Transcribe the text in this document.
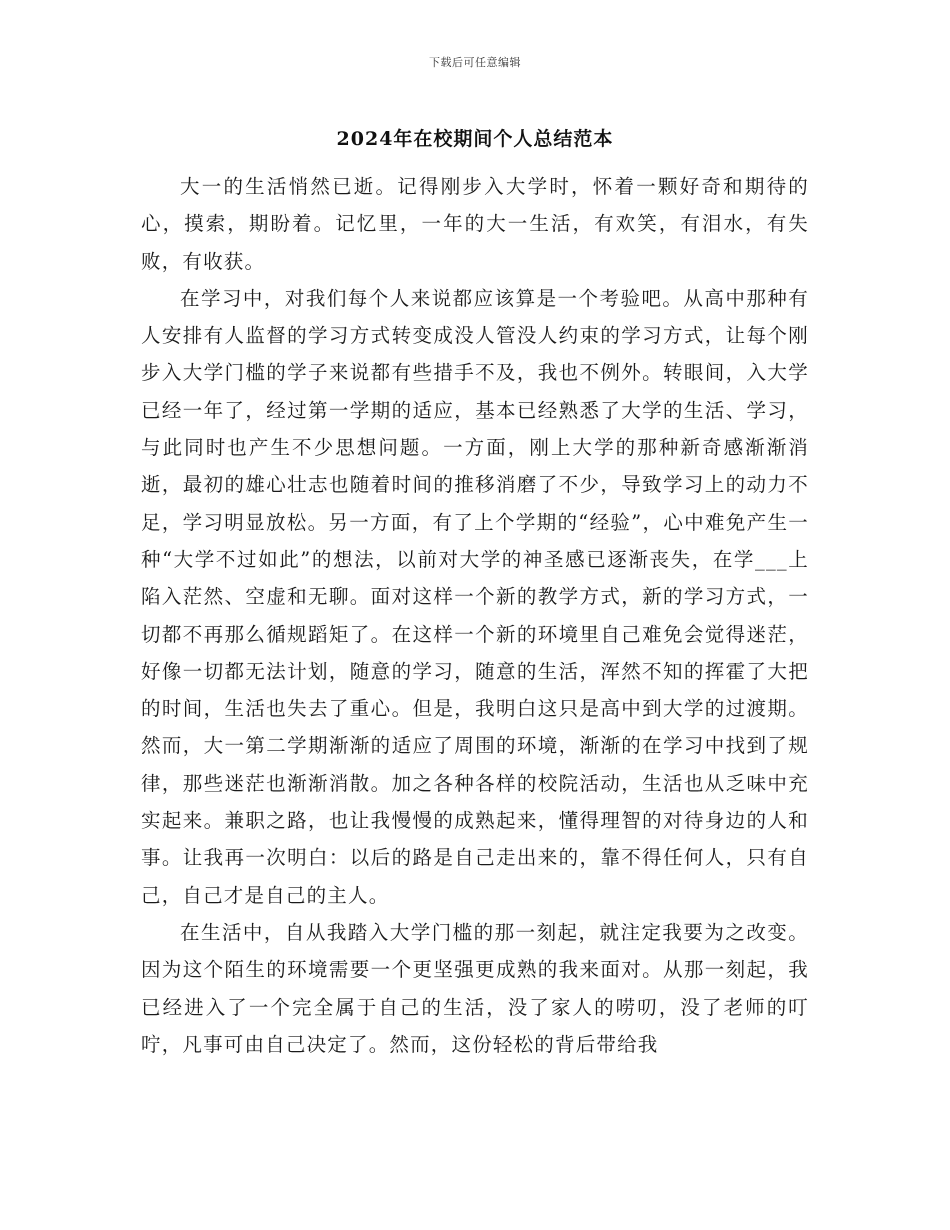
下载后可任意编辑
2024年在校期间个人总结范本

大一的生活悄然已逝。记得刚步入大学时，怀着一颗好奇和期待的心，摸索，期盼着。记忆里，一年的大一生活，有欢笑，有泪水，有失败，有收获。

在学习中，对我们每个人来说都应该算是一个考验吧。从高中那种有人安排有人监督的学习方式转变成没人管没人约束的学习方式，让每个刚步入大学门槛的学子来说都有些措手不及，我也不例外。转眼间，入大学已经一年了，经过第一学期的适应，基本已经熟悉了大学的生活、学习，与此同时也产生不少思想问题。一方面，刚上大学的那种新奇感渐渐消逝，最初的雄心壮志也随着时间的推移消磨了不少，导致学习上的动力不足，学习明显放松。另一方面，有了上个学期的“经验”，心中难免产生一种“大学不过如此”的想法，以前对大学的神圣感已逐渐丧失，在学___上陷入茫然、空虚和无聊。面对这样一个新的教学方式，新的学习方式，一切都不再那么循规蹈矩了。在这样一个新的环境里自己难免会觉得迷茫，好像一切都无法计划，随意的学习，随意的生活，浑然不知的挥霍了大把的时间，生活也失去了重心。但是，我明白这只是高中到大学的过渡期。然而，大一第二学期渐渐的适应了周围的环境，渐渐的在学习中找到了规律，那些迷茫也渐渐消散。加之各种各样的校院活动，生活也从乏味中充实起来。兼职之路，也让我慢慢的成熟起来，懂得理智的对待身边的人和事。让我再一次明白：以后的路是自己走出来的，靠不得任何人，只有自己，自己才是自己的主人。

在生活中，自从我踏入大学门槛的那一刻起，就注定我要为之改变。因为这个陌生的环境需要一个更坚强更成熟的我来面对。从那一刻起，我已经进入了一个完全属于自己的生活，没了家人的唠叨，没了老师的叮咛，凡事可由自己决定了。然而，这份轻松的背后带给我
